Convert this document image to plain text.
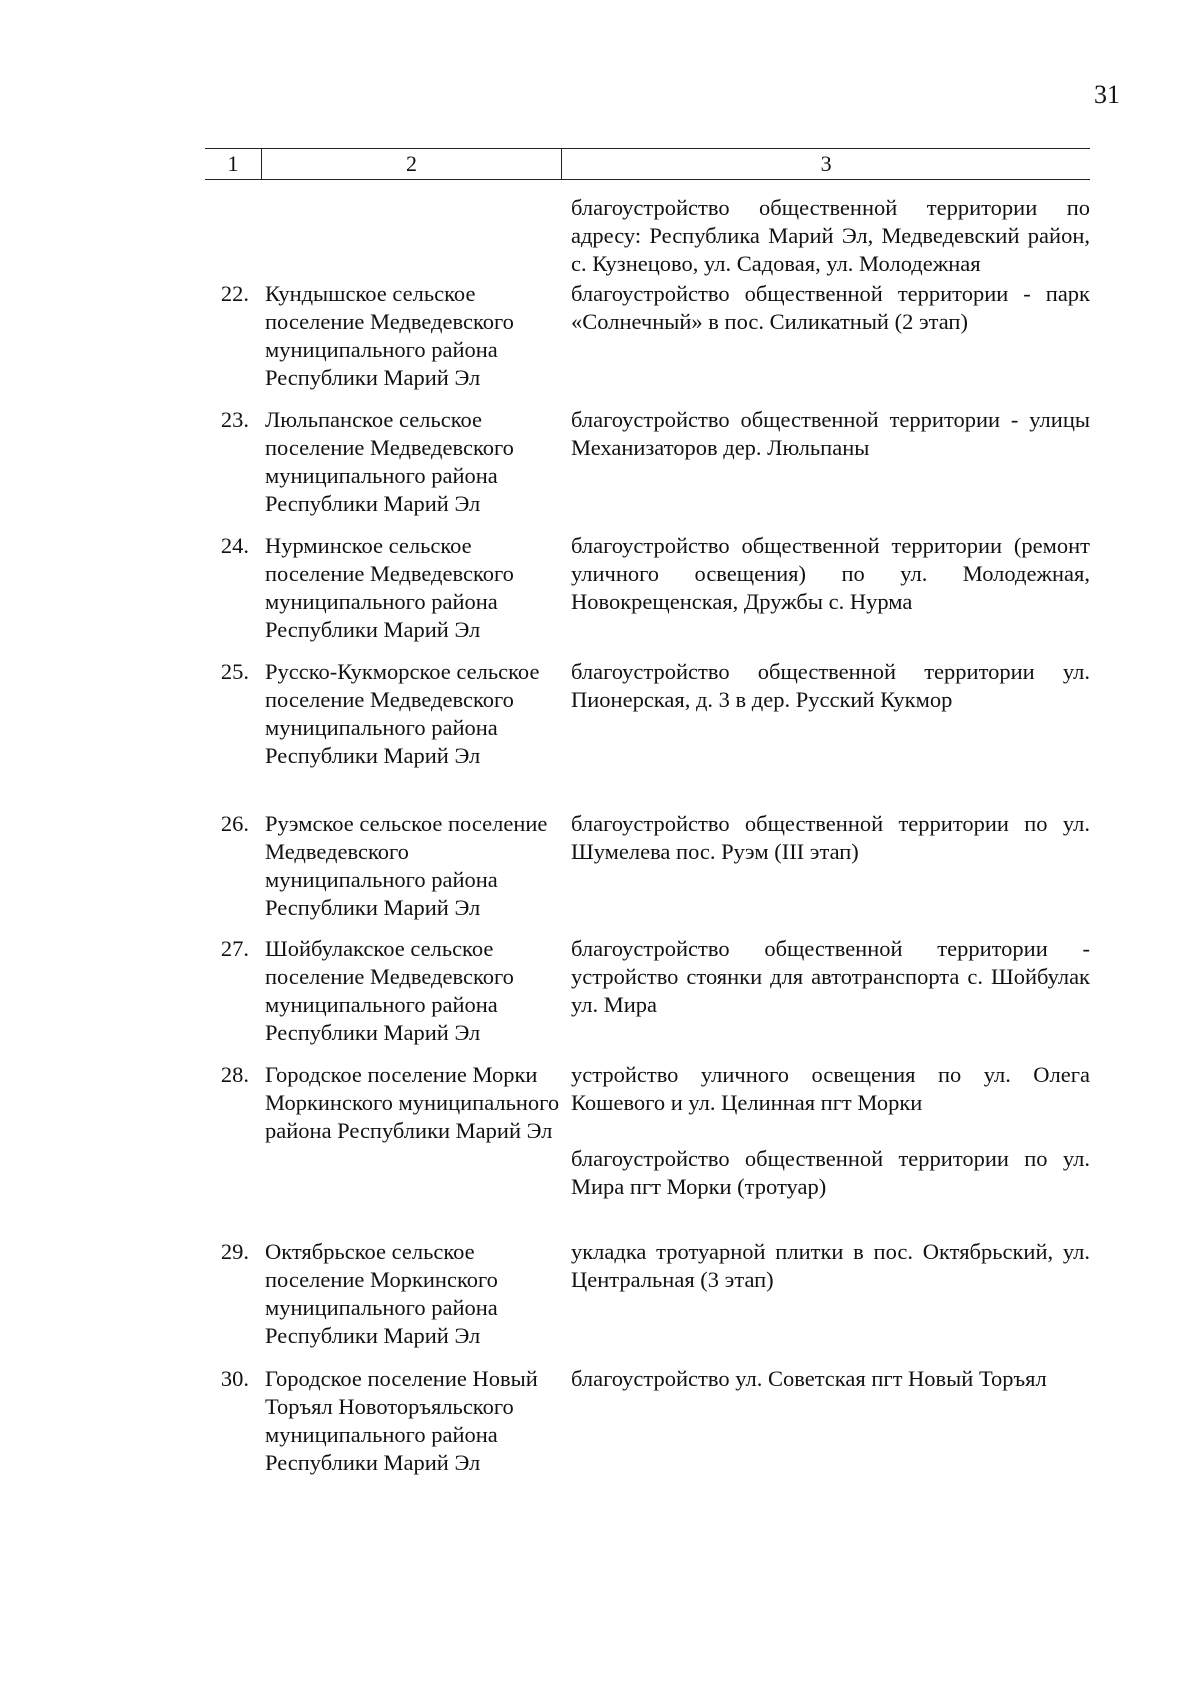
31
1	2	3
благоустройство общественной территории по адресу: Республика Марий Эл, Медведевский район, с. Кузнецово, ул. Садовая, ул. Молодежная
22. Кундышское сельское поселение Медведевского муниципального района Республики Марий Эл
благоустройство общественной территории - парк «Солнечный» в пос. Силикатный (2 этап)
23. Люльпанское сельское поселение Медведевского муниципального района Республики Марий Эл
благоустройство общественной территории - улицы Механизаторов дер. Люльпаны
24. Нурминское сельское поселение Медведевского муниципального района Республики Марий Эл
благоустройство общественной территории (ремонт уличного освещения) по ул. Молодежная, Новокрещенская, Дружбы с. Нурма
25. Русско-Кукморское сельское поселение Медведевского муниципального района Республики Марий Эл
благоустройство общественной территории ул. Пионерская, д. 3 в дер. Русский Кукмор
26. Руэмское сельское поселение Медведевского муниципального района Республики Марий Эл
благоустройство общественной территории по ул. Шумелева пос. Руэм (III этап)
27. Шойбулакское сельское поселение Медведевского муниципального района Республики Марий Эл
благоустройство общественной территории - устройство стоянки для автотранспорта с. Шойбулак ул. Мира
28. Городское поселение Морки Моркинского муниципального района Республики Марий Эл
устройство уличного освещения по ул. Олега Кошевого и ул. Целинная пгт Морки
благоустройство общественной территории по ул. Мира пгт Морки (тротуар)
29. Октябрьское сельское поселение Моркинского муниципального района Республики Марий Эл
укладка тротуарной плитки в пос. Октябрьский, ул. Центральная (3 этап)
30. Городское поселение Новый Торъял Новоторъяльского муниципального района Республики Марий Эл
благоустройство ул. Советская пгт Новый Торъял
